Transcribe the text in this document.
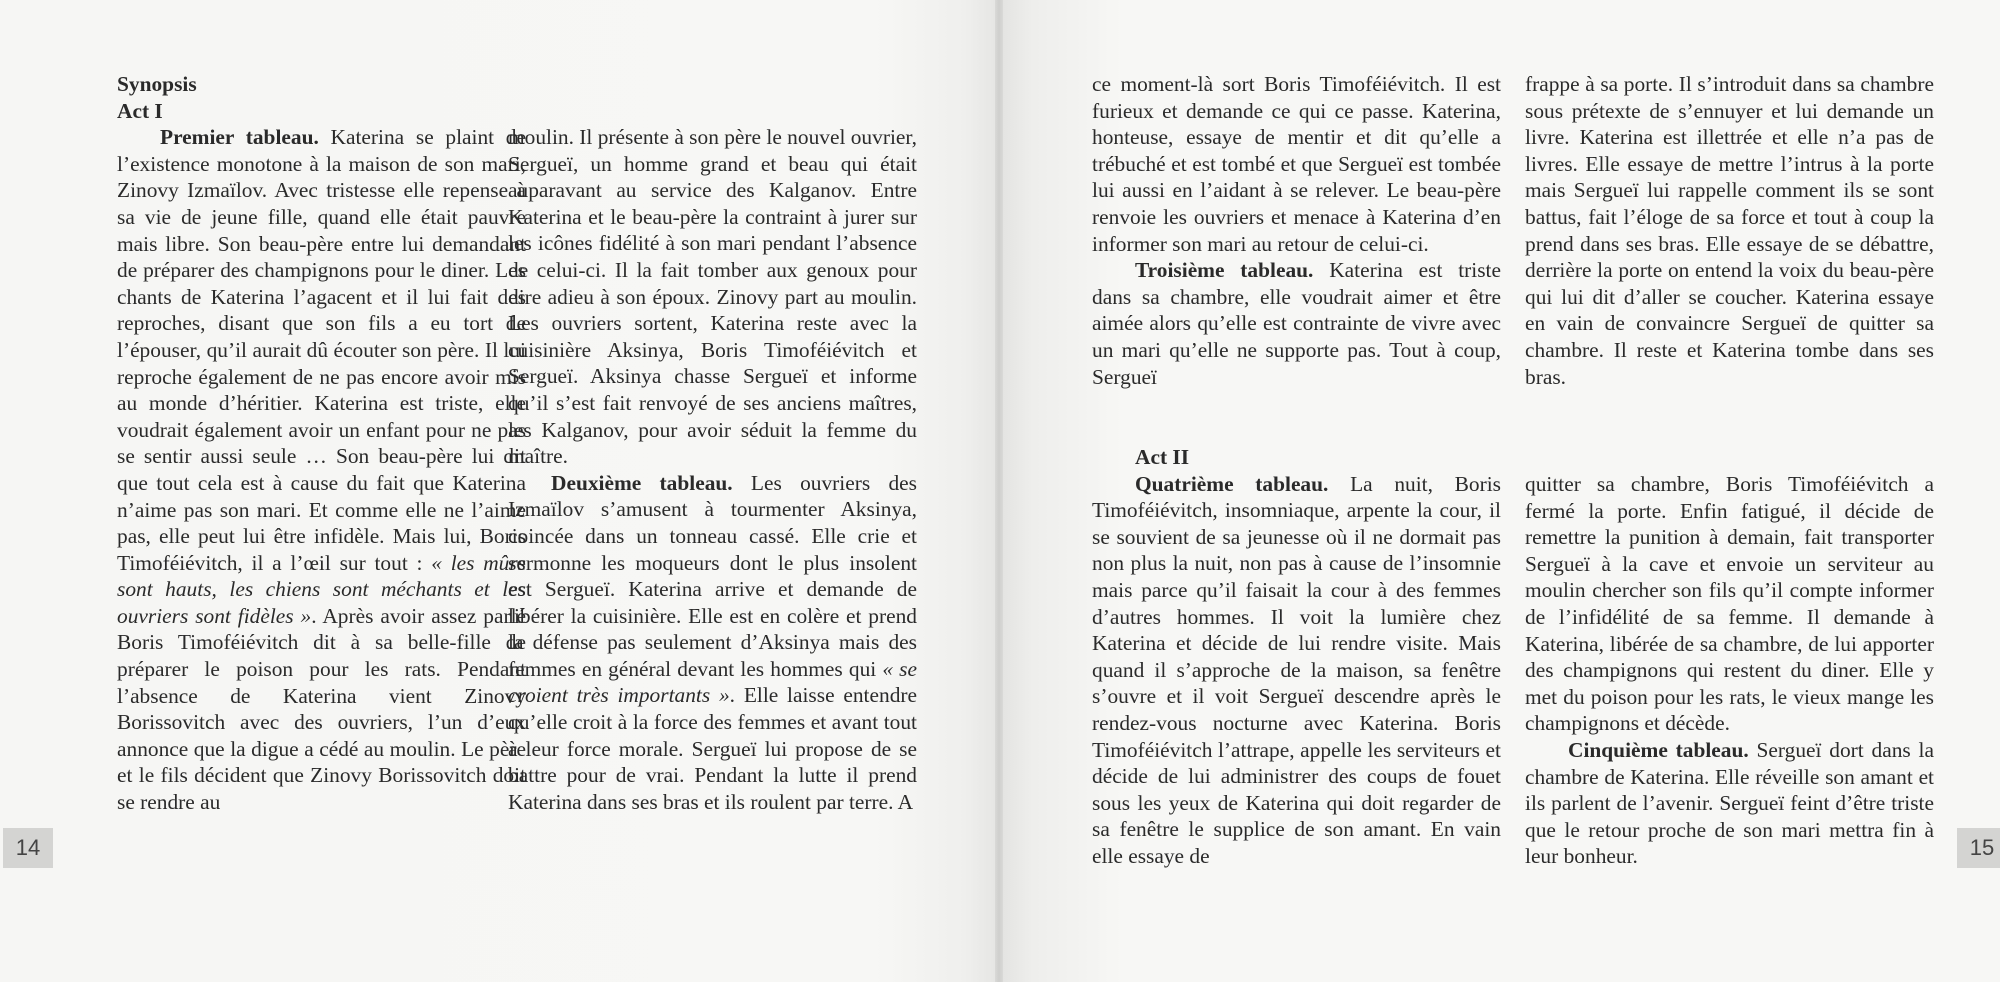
Synopsis

Act I

Premier tableau. Katerina se plaint de l’existence monotone à la maison de son mari, Zinovy Izmaïlov. Avec tristesse elle repense à sa vie de jeune fille, quand elle était pauvre mais libre. Son beau-père entre lui demandant de préparer des champignons pour le diner. Les chants de Katerina l’agacent et il lui fait des reproches, disant que son fils a eu tort de l’épouser, qu’il aurait dû écouter son père. Il lui reproche également de ne pas encore avoir mis au monde d’héritier. Katerina est triste, elle voudrait également avoir un enfant pour ne pas se sentir aussi seule … Son beau-père lui dit que tout cela est à cause du fait que Katerina n’aime pas son mari. Et comme elle ne l’aime pas, elle peut lui être infidèle. Mais lui, Boris Timoféiévitch, il a l’œil sur tout : « les mûrs sont hauts, les chiens sont méchants et les ouvriers sont fidèles ». Après avoir assez parlé Boris Timoféiévitch dit à sa belle-fille de préparer le poison pour les rats. Pendant l’absence de Katerina vient Zinovy Borissovitch avec des ouvriers, l’un d’eux annonce que la digue a cédé au moulin. Le père et le fils décident que Zinovy Borissovitch doit se rendre au

moulin. Il présente à son père le nouvel ouvrier, Sergueï, un homme grand et beau qui était auparavant au service des Kalganov. Entre Katerina et le beau-père la contraint à jurer sur les icônes fidélité à son mari pendant l’absence de celui-ci. Il la fait tomber aux genoux pour dire adieu à son époux. Zinovy part au moulin. Les ouvriers sortent, Katerina reste avec la cuisinière Aksinya, Boris Timoféiévitch et Sergueï. Aksinya chasse Sergueï et informe qu’il s’est fait renvoyé de ses anciens maîtres, les Kalganov, pour avoir séduit la femme du maître.

Deuxième tableau. Les ouvriers des Izmaïlov s’amusent à tourmenter Aksinya, coincée dans un tonneau cassé. Elle crie et sermonne les moqueurs dont le plus insolent est Sergueï. Katerina arrive et demande de libérer la cuisinière. Elle est en colère et prend la défense pas seulement d’Aksinya mais des femmes en général devant les hommes qui « se croient très importants ». Elle laisse entendre qu’elle croit à la force des femmes et avant tout à leur force morale. Sergueï lui propose de se battre pour de vrai. Pendant la lutte il prend Katerina dans ses bras et ils roulent par terre. A

14

ce moment-là sort Boris Timoféiévitch. Il est furieux et demande ce qui ce passe. Katerina, honteuse, essaye de mentir et dit qu’elle a trébuché et est tombé et que Sergueï est tombée lui aussi en l’aidant à se relever. Le beau-père renvoie les ouvriers et menace à Katerina d’en informer son mari au retour de celui-ci.

Troisième tableau. Katerina est triste dans sa chambre, elle voudrait aimer et être aimée alors qu’elle est contrainte de vivre avec un mari qu’elle ne supporte pas. Tout à coup, Sergueï

frappe à sa porte. Il s’introduit dans sa chambre sous prétexte de s’ennuyer et lui demande un livre. Katerina est illettrée et elle n’a pas de livres. Elle essaye de mettre l’intrus à la porte mais Sergueï lui rappelle comment ils se sont battus, fait l’éloge de sa force et tout à coup la prend dans ses bras. Elle essaye de se débattre, derrière la porte on entend la voix du beau-père qui lui dit d’aller se coucher. Katerina essaye en vain de convaincre Sergueï de quitter sa chambre. Il reste et Katerina tombe dans ses bras.

Act II

Quatrième tableau. La nuit, Boris Timoféiévitch, insomniaque, arpente la cour, il se souvient de sa jeunesse où il ne dormait pas non plus la nuit, non pas à cause de l’insomnie mais parce qu’il faisait la cour à des femmes d’autres hommes. Il voit la lumière chez Katerina et décide de lui rendre visite. Mais quand il s’approche de la maison, sa fenêtre s’ouvre et il voit Sergueï descendre après le rendez-vous nocturne avec Katerina. Boris Timoféiévitch l’attrape, appelle les serviteurs et décide de lui administrer des coups de fouet sous les yeux de Katerina qui doit regarder de sa fenêtre le supplice de son amant. En vain elle essaye de

quitter sa chambre, Boris Timoféiévitch a fermé la porte. Enfin fatigué, il décide de remettre la punition à demain, fait transporter Sergueï à la cave et envoie un serviteur au moulin chercher son fils qu’il compte informer de l’infidélité de sa femme. Il demande à Katerina, libérée de sa chambre, de lui apporter des champignons qui restent du diner. Elle y met du poison pour les rats, le vieux mange les champignons et décède.

Cinquième tableau. Sergueï dort dans la chambre de Katerina. Elle réveille son amant et ils parlent de l’avenir. Sergueï feint d’être triste que le retour proche de son mari mettra fin à leur bonheur.	15
